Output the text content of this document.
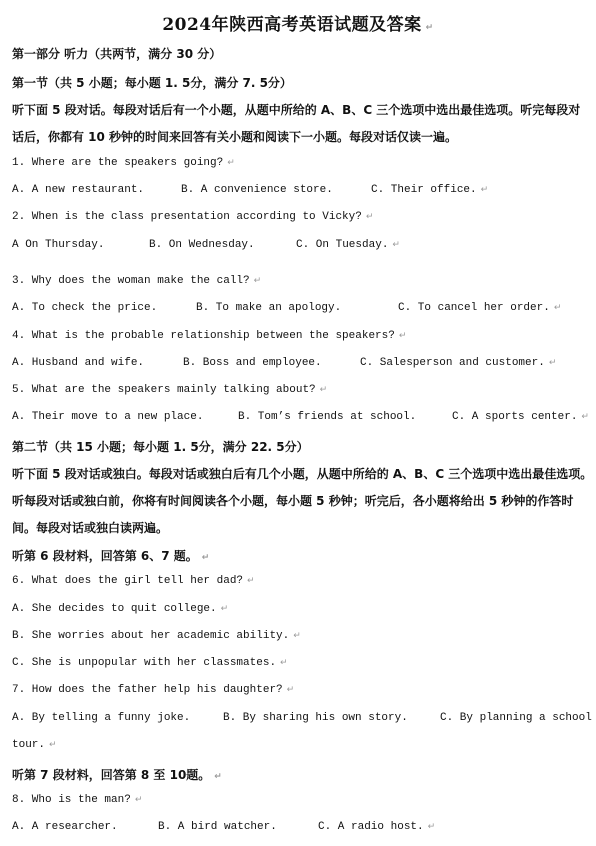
2024年陕西高考英语试题及答案 ↵
第一部分 听力（共两节，满分 30 分）
第一节（共 5 小题；每小题 1. 5分，满分 7. 5分）
听下面 5 段对话。每段对话后有一个小题，从题中所给的 A、B、C 三个选项中选出最佳选项。听完每段对
话后，你都有 10 秒钟的时间来回答有关小题和阅读下一小题。每段对话仅读一遍。
1. Where are the speakers going? ↵
A. A new restaurant.	B. A convenience store.	C. Their office. ↵
2. When is the class presentation according to Vicky? ↵
A On Thursday.	B. On Wednesday.	C. On Tuesday. ↵
3. Why does the woman make the call? ↵
A. To check the price.	B. To make an apology.	C. To cancel her order. ↵
4. What is the probable relationship between the speakers? ↵
A. Husband and wife.	B. Boss and employee.	C. Salesperson and customer. ↵
5. What are the speakers mainly talking about? ↵
A. Their move to a new place.	B. Tom’s friends at school.	C. A sports center. ↵
第二节（共 15 小题；每小题 1. 5分，满分 22. 5分）
听下面 5 段对话或独白。每段对话或独白后有几个小题，从题中所给的 A、B、C 三个选项中选出最佳选项。
听每段对话或独白前，你将有时间阅读各个小题，每小题 5 秒钟；听完后，各小题将给出 5 秒钟的作答时
间。每段对话或独白读两遍。
听第 6 段材料，回答第 6、7 题。 ↵
6. What does the girl tell her dad? ↵
A. She decides to quit college. ↵
B. She worries about her academic ability. ↵
C. She is unpopular with her classmates. ↵
7. How does the father help his daughter? ↵
A. By telling a funny joke.	B. By sharing his own story.	C. By planning a school
tour. ↵
听第 7 段材料，回答第 8 至 10题。 ↵
8. Who is the man? ↵
A. A researcher.	B. A bird watcher.	C. A radio host. ↵
